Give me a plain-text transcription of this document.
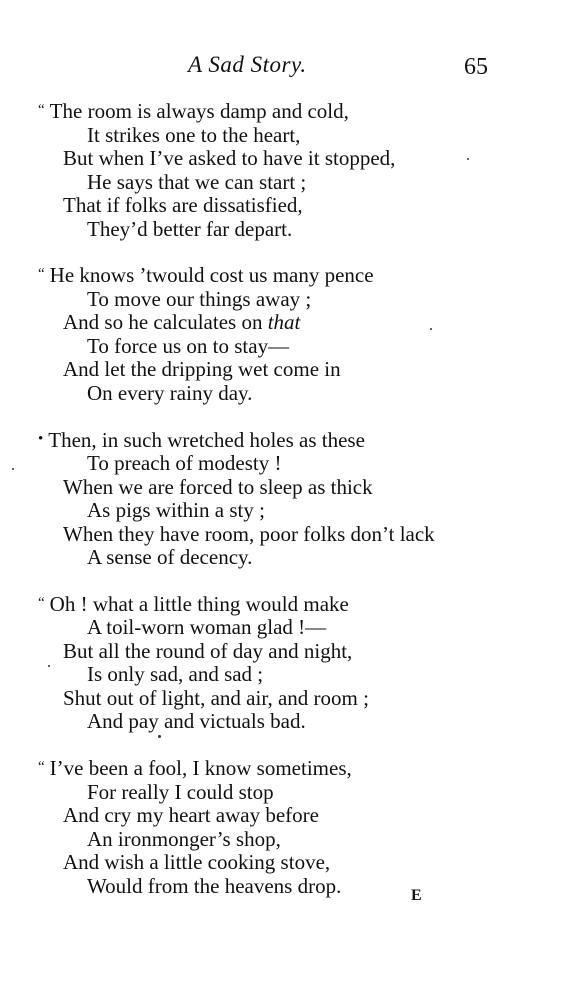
A Sad Story.	65
“ The room is always damp and cold,
It strikes one to the heart,
But when I’ve asked to have it stopped,
He says that we can start ;
That if folks are dissatisfied,
They’d better far depart.
“ He knows ’twould cost us many pence
To move our things away ;
And so he calculates on that
To force us on to stay—
And let the dripping wet come in
On every rainy day.
• Then, in such wretched holes as these
To preach of modesty !
When we are forced to sleep as thick
As pigs within a sty ;
When they have room, poor folks don’t lack
A sense of decency.
“ Oh ! what a little thing would make
A toil-worn woman glad !—
But all the round of day and night,
Is only sad, and sad ;
Shut out of light, and air, and room ;
And pay and victuals bad.
“ I’ve been a fool, I know sometimes,
For really I could stop
And cry my heart away before
An ironmonger’s shop,
And wish a little cooking stove,
Would from the heavens drop.	E
